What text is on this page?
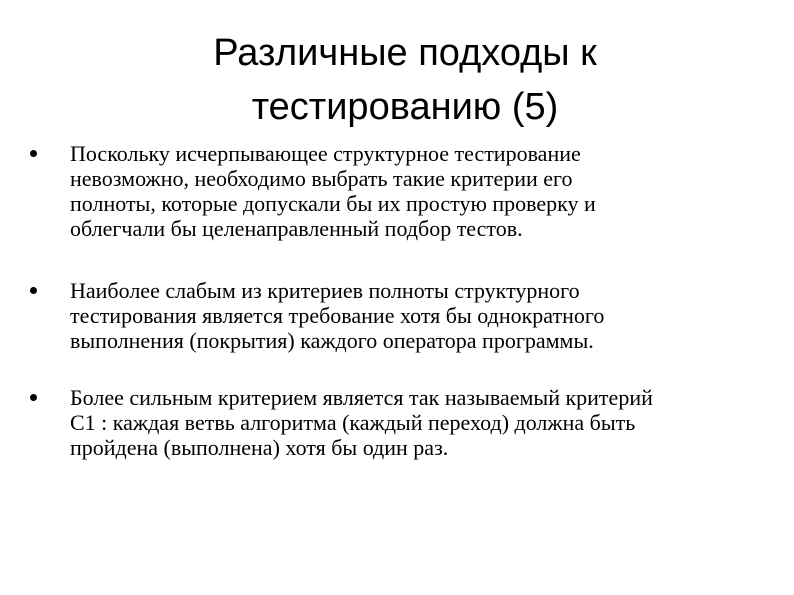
Различные подходы к
тестированию (5)
Поскольку исчерпывающее структурное тестирование
невозможно, необходимо выбрать такие критерии его
полноты, которые допускали бы их простую проверку и
облегчали бы целенаправленный подбор тестов.
Наиболее слабым из критериев полноты структурного
тестирования является требование хотя бы однократного
выполнения (покрытия) каждого оператора программы.
Более сильным критерием является так называемый критерий
С1 : каждая ветвь алгоритма (каждый переход) должна быть
пройдена (выполнена) хотя бы один раз.
